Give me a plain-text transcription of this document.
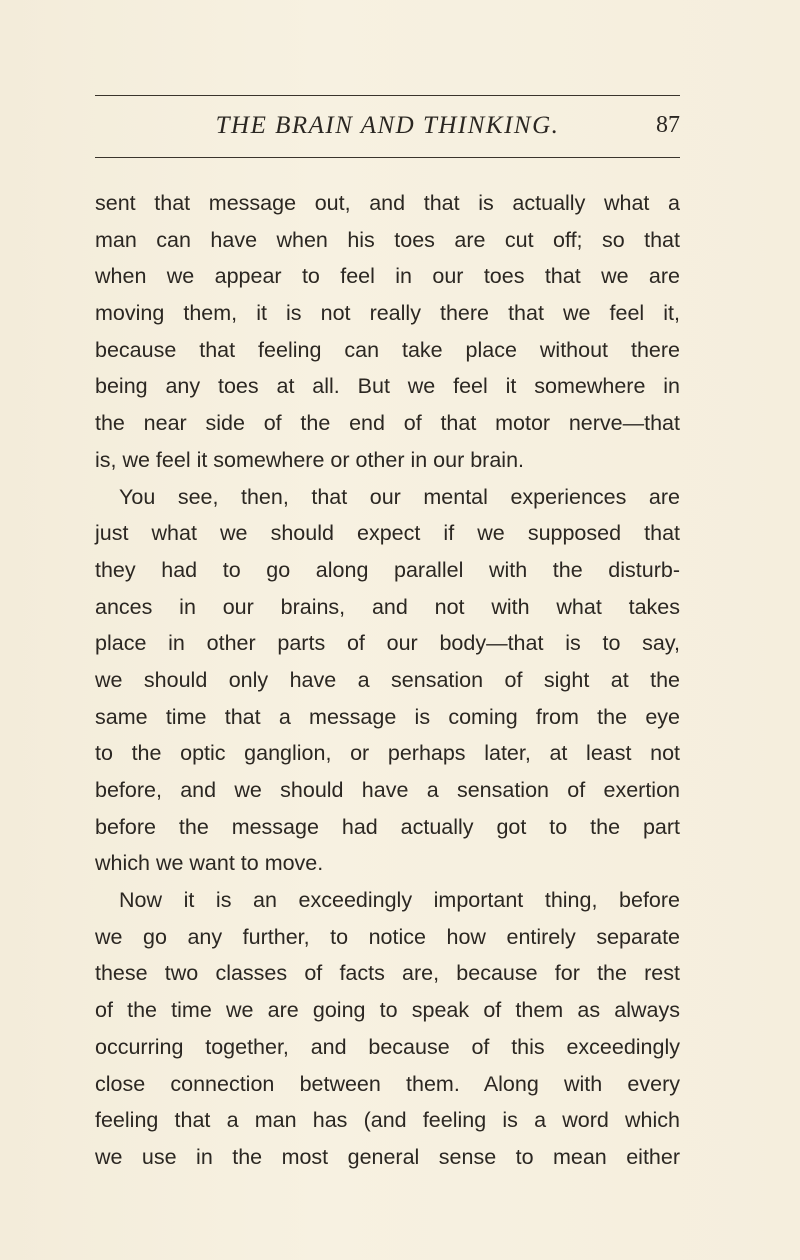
THE BRAIN AND THINKING.	87
sent that message out, and that is actually what a
man can have when his toes are cut off; so that
when we appear to feel in our toes that we are
moving them, it is not really there that we feel it,
because that feeling can take place without there
being any toes at all. But we feel it somewhere in
the near side of the end of that motor nerve—that
is, we feel it somewhere or other in our brain.
You see, then, that our mental experiences are
just what we should expect if we supposed that
they had to go along parallel with the disturb-
ances in our brains, and not with what takes
place in other parts of our body—that is to say,
we should only have a sensation of sight at the
same time that a message is coming from the eye
to the optic ganglion, or perhaps later, at least not
before, and we should have a sensation of exertion
before the message had actually got to the part
which we want to move.
Now it is an exceedingly important thing, before
we go any further, to notice how entirely separate
these two classes of facts are, because for the rest
of the time we are going to speak of them as always
occurring together, and because of this exceedingly
close connection between them. Along with every
feeling that a man has (and feeling is a word which
we use in the most general sense to mean either
